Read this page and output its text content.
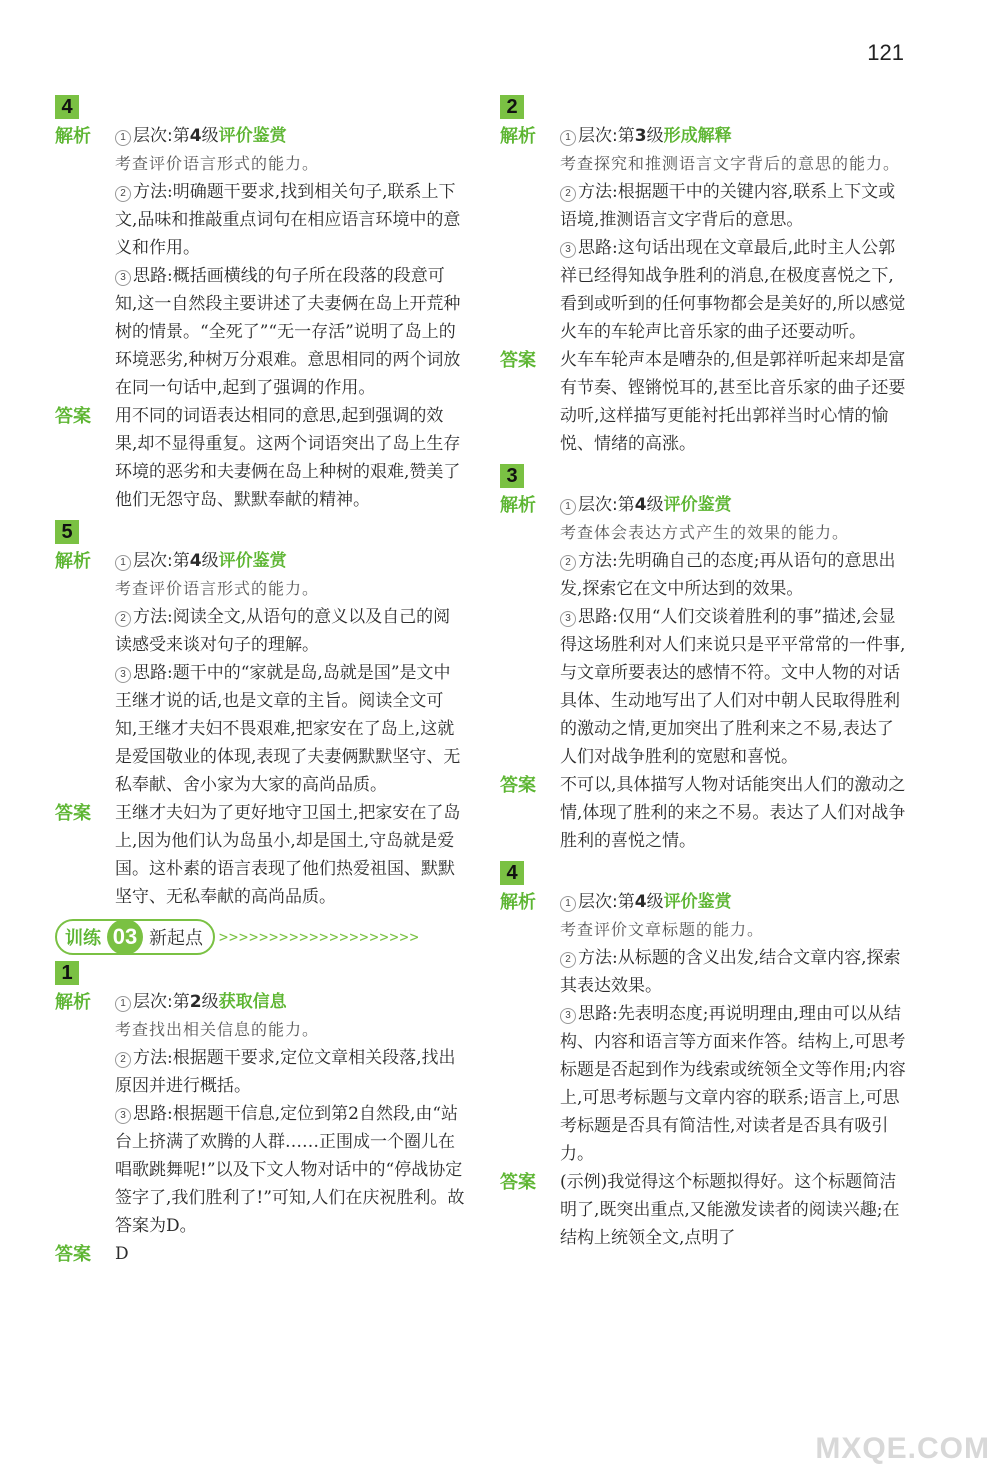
121
4
解析	1 层次:第4级评价鉴赏
考查评价语言形式的能力。
2 方法:明确题干要求,找到相关句子,联系上下文,品味和推敲重点词句在相应语言环境中的意义和作用。
3 思路:概括画横线的句子所在段落的段意可知,这一自然段主要讲述了夫妻俩在岛上开荒种树的情景。“全死了”“无一存活”说明了岛上的环境恶劣,种树万分艰难。意思相同的两个词放在同一句话中,起到了强调的作用。
答案	用不同的词语表达相同的意思,起到强调的效果,却不显得重复。这两个词语突出了岛上生存环境的恶劣和夫妻俩在岛上种树的艰难,赞美了他们无怨守岛、默默奉献的精神。
5
解析	1 层次:第4级评价鉴赏
考查评价语言形式的能力。
2 方法:阅读全文,从语句的意义以及自己的阅读感受来谈对句子的理解。
3 思路:题干中的“家就是岛,岛就是国”是文中王继才说的话,也是文章的主旨。阅读全文可知,王继才夫妇不畏艰难,把家安在了岛上,这就是爱国敬业的体现,表现了夫妻俩默默坚守、无私奉献、舍小家为大家的高尚品质。
答案	王继才夫妇为了更好地守卫国土,把家安在了岛上,因为他们认为岛虽小,却是国土,守岛就是爱国。这朴素的语言表现了他们热爱祖国、默默坚守、无私奉献的高尚品质。
训练 03 新起点 >>>>>>>>>>>>>>>>>>>>
1
解析	1 层次:第2级获取信息
考查找出相关信息的能力。
2 方法:根据题干要求,定位文章相关段落,找出原因并进行概括。
3 思路:根据题干信息,定位到第2自然段,由“站台上挤满了欢腾的人群……正围成一个圈儿在唱歌跳舞呢!”以及下文人物对话中的“停战协定签字了,我们胜利了!”可知,人们在庆祝胜利。故答案为D。
答案	D
2
解析	1 层次:第3级形成解释
考查探究和推测语言文字背后的意思的能力。
2 方法:根据题干中的关键内容,联系上下文或语境,推测语言文字背后的意思。
3 思路:这句话出现在文章最后,此时主人公郭祥已经得知战争胜利的消息,在极度喜悦之下,看到或听到的任何事物都会是美好的,所以感觉火车的车轮声比音乐家的曲子还要动听。
答案	火车车轮声本是嘈杂的,但是郭祥听起来却是富有节奏、铿锵悦耳的,甚至比音乐家的曲子还要动听,这样描写更能衬托出郭祥当时心情的愉悦、情绪的高涨。
3
解析	1 层次:第4级评价鉴赏
考查体会表达方式产生的效果的能力。
2 方法:先明确自己的态度;再从语句的意思出发,探索它在文中所达到的效果。
3 思路:仅用“人们交谈着胜利的事”描述,会显得这场胜利对人们来说只是平平常常的一件事,与文章所要表达的感情不符。文中人物的对话具体、生动地写出了人们对中朝人民取得胜利的激动之情,更加突出了胜利来之不易,表达了人们对战争胜利的宽慰和喜悦。
答案	不可以,具体描写人物对话能突出人们的激动之情,体现了胜利的来之不易。表达了人们对战争胜利的喜悦之情。
4
解析	1 层次:第4级评价鉴赏
考查评价文章标题的能力。
2 方法:从标题的含义出发,结合文章内容,探索其表达效果。
3 思路:先表明态度;再说明理由,理由可以从结构、内容和语言等方面来作答。结构上,可思考标题是否起到作为线索或统领全文等作用;内容上,可思考标题与文章内容的联系;语言上,可思考标题是否具有简洁性,对读者是否具有吸引力。
答案	(示例)我觉得这个标题拟得好。这个标题简洁明了,既突出重点,又能激发读者的阅读兴趣;在结构上统领全文,点明了
MXQE.COM
